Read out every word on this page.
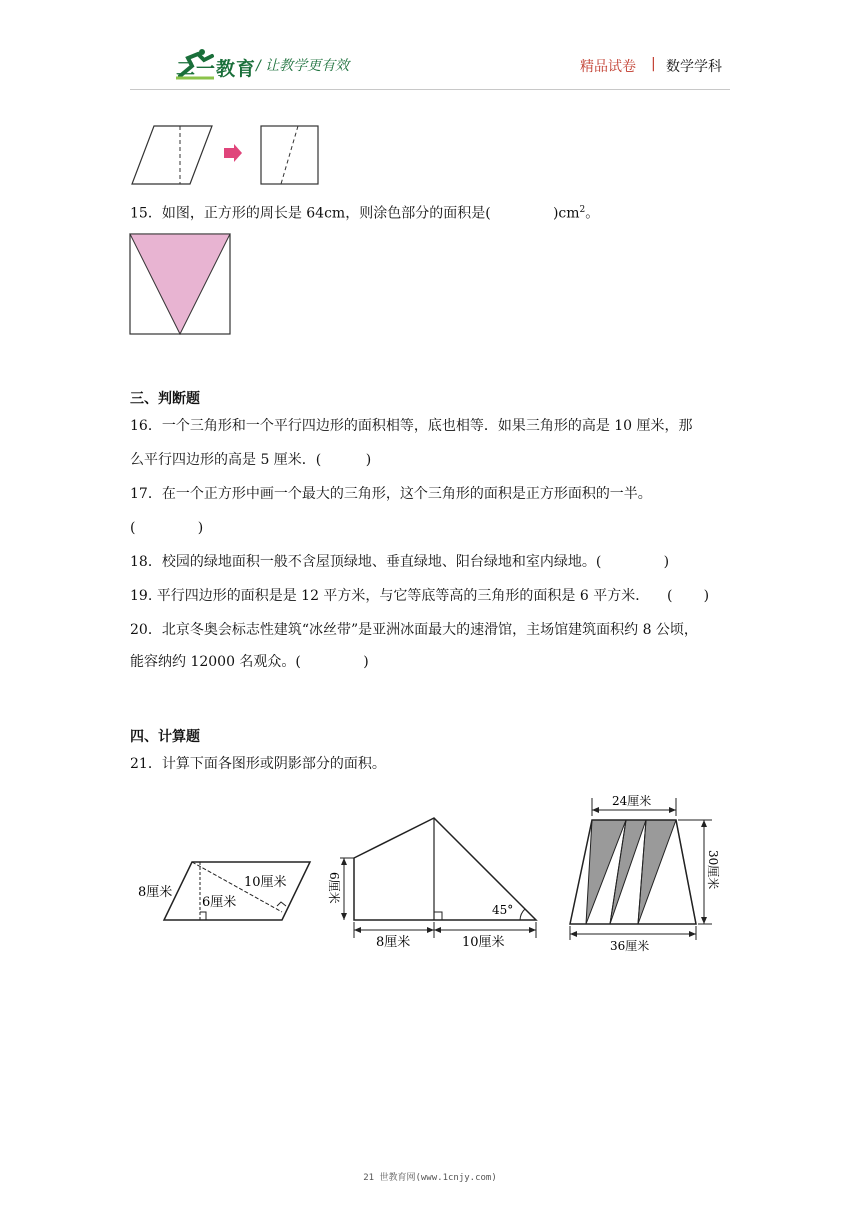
二一教育 / 让教学更有效	精品试卷 | 数学学科
15．如图，正方形的周长是 64cm，则涂色部分的面积是(	)$cm^2$。
三、判断题
16．一个三角形和一个平行四边形的面积相等，底也相等．如果三角形的高是 10 厘米，那
么平行四边形的高是 5 厘米．(          )
17．在一个正方形中画一个最大的三角形，这个三角形的面积是正方形面积的一半。
(              )
18．校园的绿地面积一般不含屋顶绿地、垂直绿地、阳台绿地和室内绿地。(              )
19. 平行四边形的面积是是 12 平方米，与它等底等高的三角形的面积是 6 平方米．    (       )
20．北京冬奥会标志性建筑“冰丝带”是亚洲冰面最大的速滑馆，主场馆建筑面积约 8 公顷，
能容纳约 12000 名观众。(              )
四、计算题
21．计算下面各图形或阴影部分的面积。
8厘米
6厘米
10厘米
45°
6厘米
8厘米	10厘米
24厘米
30厘米
36厘米
21 世教育网(www.1cnjy.com)
